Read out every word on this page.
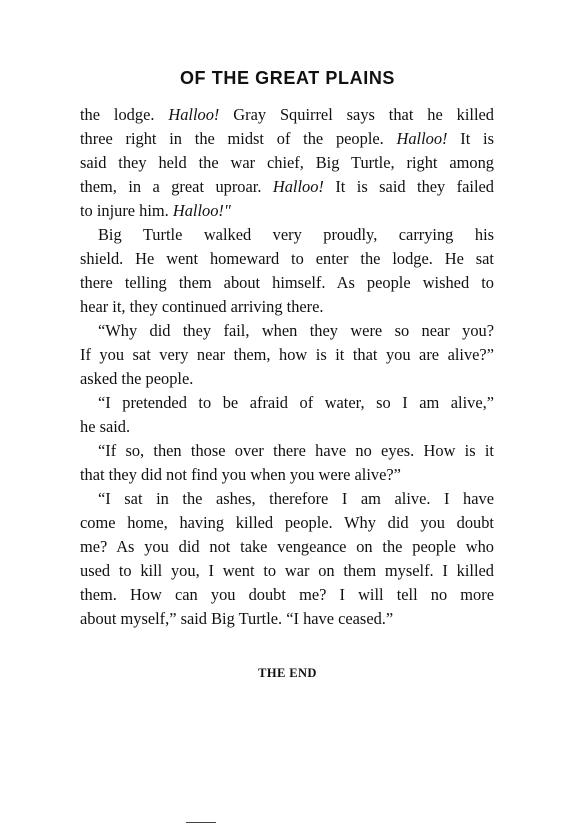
OF THE GREAT PLAINS
the lodge. Halloo! Gray Squirrel says that he killed
three right in the midst of the people. Halloo! It is
said they held the war chief, Big Turtle, right among
them, in a great uproar. Halloo! It is said they failed
to injure him. Halloo!"
Big Turtle walked very proudly, carrying his
shield. He went homeward to enter the lodge. He sat
there telling them about himself. As people wished to
hear it, they continued arriving there.
“Why did they fail, when they were so near you?
If you sat very near them, how is it that you are alive?”
asked the people.
“I pretended to be afraid of water, so I am alive,”
he said.
“If so, then those over there have no eyes. How is it
that they did not find you when you were alive?”
“I sat in the ashes, therefore I am alive. I have
come home, having killed people. Why did you doubt
me? As you did not take vengeance on the people who
used to kill you, I went to war on them myself. I killed
them. How can you doubt me? I will tell no more
about myself,” said Big Turtle. “I have ceased.”
THE END
